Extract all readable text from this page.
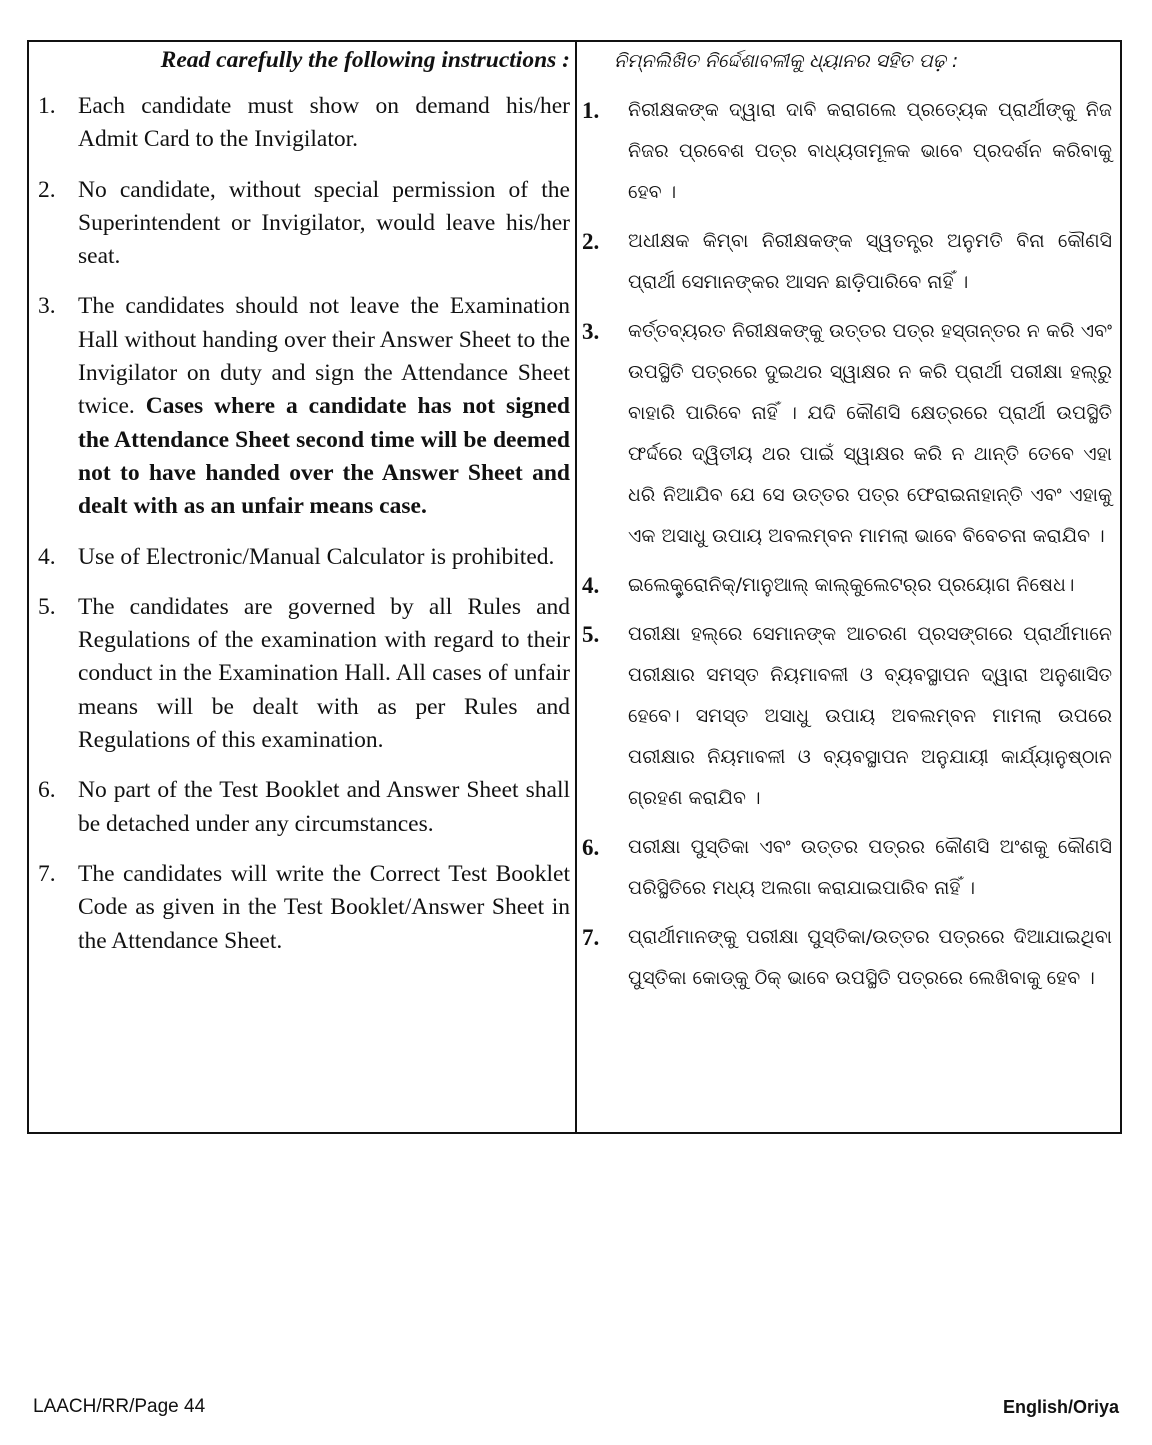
Read carefully the following instructions :
1. Each candidate must show on demand his/her Admit Card to the Invigilator.
2. No candidate, without special permission of the Superintendent or Invigilator, would leave his/her seat.
3. The candidates should not leave the Examination Hall without handing over their Answer Sheet to the Invigilator on duty and sign the Attendance Sheet twice. Cases where a candidate has not signed the Attendance Sheet second time will be deemed not to have handed over the Answer Sheet and dealt with as an unfair means case.
4. Use of Electronic/Manual Calculator is prohibited.
5. The candidates are governed by all Rules and Regulations of the examination with regard to their conduct in the Examination Hall. All cases of unfair means will be dealt with as per Rules and Regulations of this examination.
6. No part of the Test Booklet and Answer Sheet shall be detached under any circumstances.
7. The candidates will write the Correct Test Booklet Code as given in the Test Booklet/Answer Sheet in the Attendance Sheet.
ନିମ୍ନଲିଖିତ ନିର୍ଦ୍ଦେଶାବଳୀକୁ ଧ୍ୟାନର ସହିତ ପଢ଼ :
1.	ନିରୀକ୍ଷକଙ୍କ ଦ୍ୱାରା ଦାବି କରାଗଲେ ପ୍ରତ୍ୟେକ ପ୍ରାର୍ଥୀଙ୍କୁ ନିଜ ନିଜର ପ୍ରବେଶ ପତ୍ର ବାଧ୍ୟତାମୂଳକ ଭାବେ ପ୍ରଦର୍ଶନ କରିବାକୁ ହେବ ।
2.	ଅଧୀକ୍ଷକ କିମ୍ବା ନିରୀକ୍ଷକଙ୍କ ସ୍ୱତନ୍ତ୍ର ଅନୁମତି ବିନା କୌଣସି ପ୍ରାର୍ଥୀ ସେମାନଙ୍କର ଆସନ ଛାଡ଼ିପାରିବେ ନାହିଁ ।
3.	କର୍ତ୍ତବ୍ୟରତ ନିରୀକ୍ଷକଙ୍କୁ ଉତ୍ତର ପତ୍ର ହସ୍ତାନ୍ତର ନ କରି ଏବଂ ଉପସ୍ଥିତି ପତ୍ରରେ ଦୁଇଥର ସ୍ୱାକ୍ଷର ନ କରି ପ୍ରାର୍ଥୀ ପରୀକ୍ଷା ହଲ୍‌ରୁ ବାହାରି ପାରିବେ ନାହିଁ । ଯଦି କୌଣସି କ୍ଷେତ୍ରରେ ପ୍ରାର୍ଥୀ ଉପସ୍ଥିତି ଫର୍ଦ୍ଦରେ ଦ୍ୱିତୀୟ ଥର ପାଇଁ ସ୍ୱାକ୍ଷର କରି ନ ଥାନ୍ତି ତେବେ ଏହା ଧରି ନିଆଯିବ ଯେ ସେ ଉତ୍ତର ପତ୍ର ଫେରାଇନାହାନ୍ତି ଏବଂ ଏହାକୁ ଏକ ଅସାଧୁ ଉପାୟ ଅବଲମ୍ବନ ମାମଲା ଭାବେ ବିବେଚନା କରାଯିବ ।
4.	ଇଲେକ୍ଟ୍ରୋନିକ୍/ମାନୁଆଲ୍ କାଲ୍‌କୁଲେଟର୍‌ର ପ୍ରୟୋଗ ନିଷେଧ।
5.	ପରୀକ୍ଷା ହଲ୍‌ରେ ସେମାନଙ୍କ ଆଚରଣ ପ୍ରସଙ୍ଗରେ ପ୍ରାର୍ଥୀମାନେ ପରୀକ୍ଷାର ସମସ୍ତ ନିୟମାବଳୀ ଓ ବ୍ୟବସ୍ଥାପନ ଦ୍ୱାରା ଅନୁଶାସିତ ହେବେ। ସମସ୍ତ ଅସାଧୁ ଉପାୟ ଅବଲମ୍ବନ ମାମଲା ଉପରେ ପରୀକ୍ଷାର ନିୟମାବଳୀ ଓ ବ୍ୟବସ୍ଥାପନ ଅନୁଯାୟୀ କାର୍ଯ୍ୟାନୁଷ୍ଠାନ ଗ୍ରହଣ କରାଯିବ ।
6.	ପରୀକ୍ଷା ପୁସ୍ତିକା ଏବଂ ଉତ୍ତର ପତ୍ରର କୌଣସି ଅଂଶକୁ କୌଣସି ପରିସ୍ଥିତିରେ ମଧ୍ୟ ଅଲଗା କରାଯାଇପାରିବ ନାହିଁ ।
7.	ପ୍ରାର୍ଥୀମାନଙ୍କୁ ପରୀକ୍ଷା ପୁସ୍ତିକା/ଉତ୍ତର ପତ୍ରରେ ଦିଆଯାଇଥିବା ପୁସ୍ତିକା କୋଡ୍‌କୁ ଠିକ୍ ଭାବେ ଉପସ୍ଥିତି ପତ୍ରରେ ଲେଖିବାକୁ ହେବ ।
LAACH/RR/Page 44	English/Oriya
